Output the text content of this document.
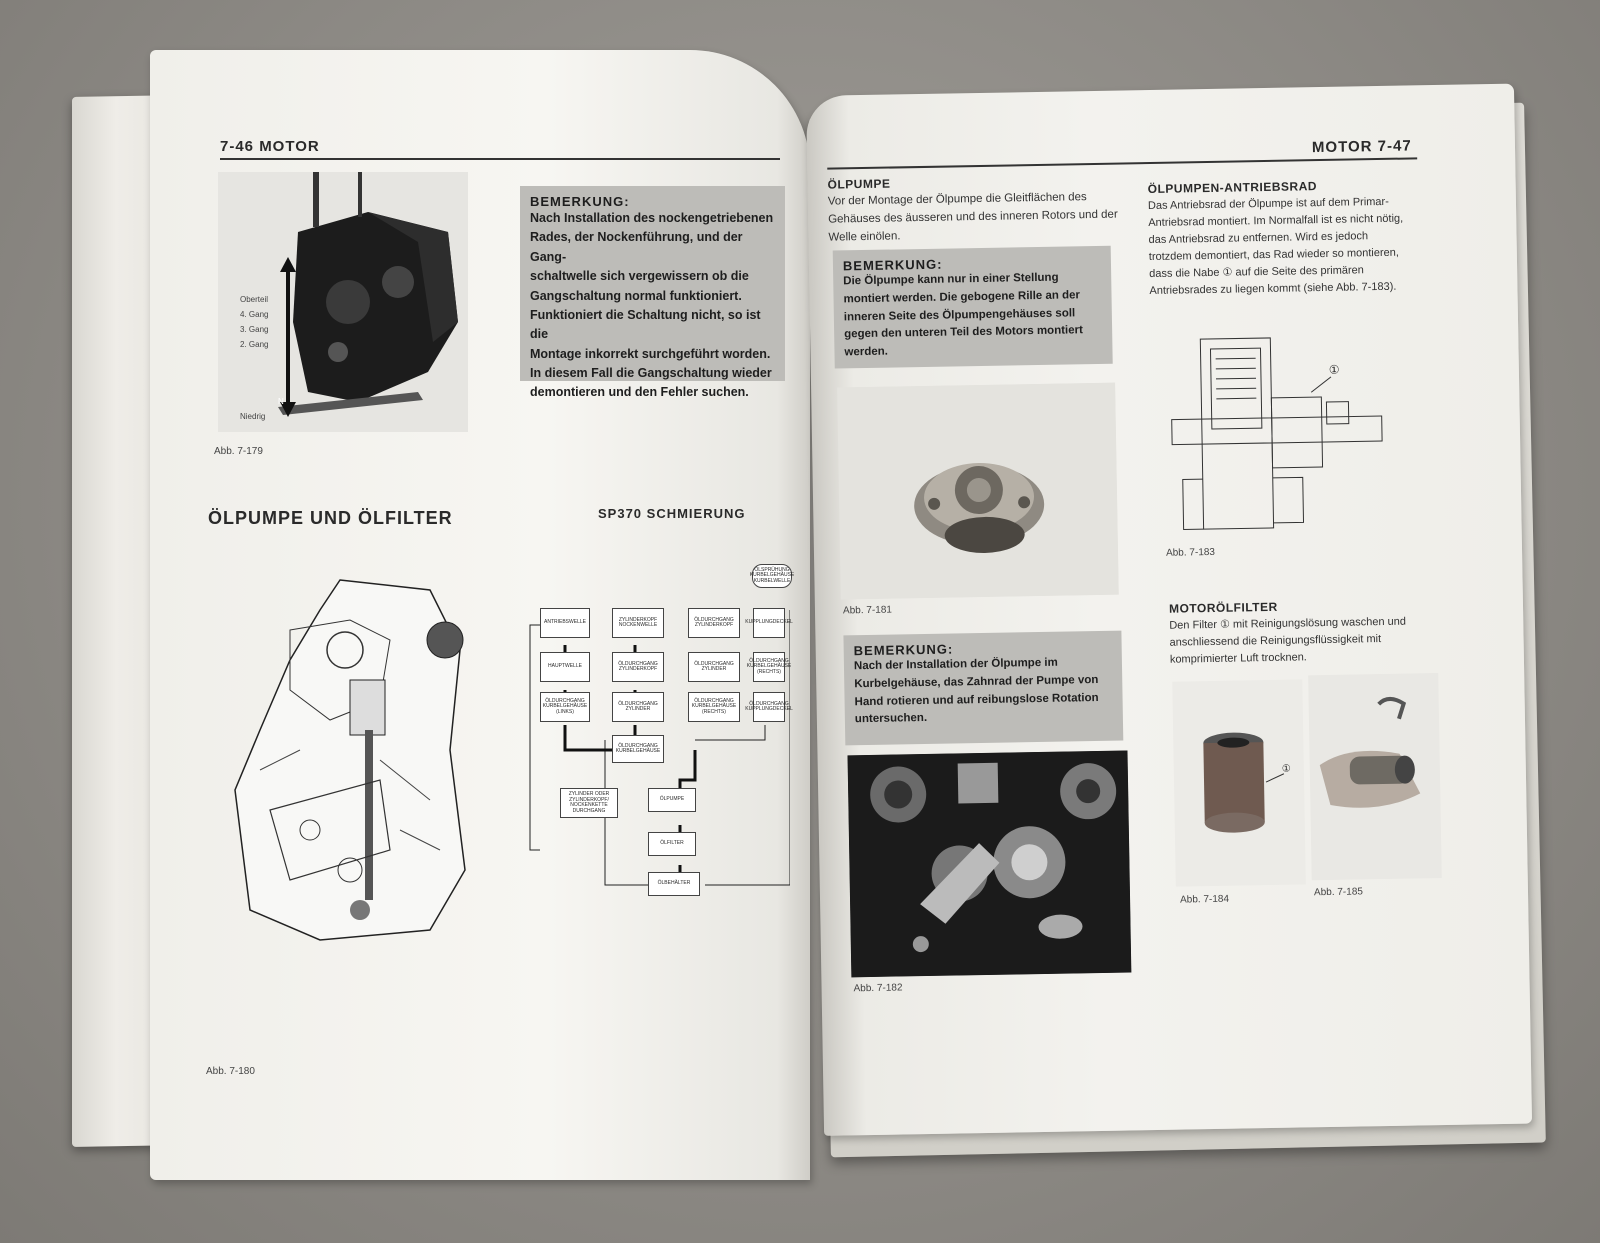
7-46 MOTOR
Oberteil
4. Gang
3. Gang
2. Gang
N
Niedrig
Abb. 7-179
BEMERKUNG:
Nach Installation des nockengetriebenen
Rades, der Nockenführung, und der Gang-
schaltwelle sich vergewissern ob die
Gangschaltung normal funktioniert.
Funktioniert die Schaltung nicht, so ist die
Montage inkorrekt surchgeführt worden.
In diesem Fall die Gangschaltung wieder
demontieren und den Fehler suchen.
ÖLPUMPE UND ÖLFILTER	SP370 SCHMIERUNG
ANTRIEBSWELLE
HAUPTWELLE
ÖLDURCHGANG KURBELGEHÄUSE (LINKS)
ZYLINDERKOPF NOCKENWELLE
ÖLDURCHGANG ZYLINDERKOPF
ÖLDURCHGANG ZYLINDER
ÖLDURCHGANG ZYLINDERKOPF
ÖLDURCHGANG ZYLINDER
ÖLDURCHGANG KURBELGEHÄUSE (RECHTS)
KUPPLUNGDECKEL
ÖLDURCHGANG KURBELGEHÄUSE (RECHTS)
ÖLDURCHGANG KUPPLUNGDECKEL
ÖLSPRÜHUNG KURBELGEHÄUSE KURBELWELLE
ÖLDURCHGANG KURBELGEHÄUSE
ZYLINDER ODER ZYLINDERKOPF/ NOCKENKETTE DURCHGANG
ÖLPUMPE
ÖLFILTER
ÖLBEHÄLTER
Abb. 7-180
MOTOR 7-47
ÖLPUMPE
Vor der Montage der Ölpumpe die Gleitflächen des Gehäuses des äusseren und des inneren Rotors und der Welle einölen.
BEMERKUNG:
Die Ölpumpe kann nur in einer Stellung montiert werden. Die gebogene Rille an der inneren Seite des Ölpumpengehäuses soll gegen den unteren Teil des Motors montiert werden.
Abb. 7-181
BEMERKUNG:
Nach der Installation der Ölpumpe im Kurbelgehäuse, das Zahnrad der Pumpe von Hand rotieren und auf reibungslose Rotation untersuchen.
Abb. 7-182
ÖLPUMPEN-ANTRIEBSRAD
Das Antriebsrad der Ölpumpe ist auf dem Primar-Antriebsrad montiert. Im Normalfall ist es nicht nötig, das Antriebsrad zu entfernen. Wird es jedoch trotzdem demontiert, das Rad wieder so montieren, dass die Nabe ① auf die Seite des primären Antriebsrades zu liegen kommt (siehe Abb. 7-183).
①
Abb. 7-183
MOTORÖLFILTER
Den Filter ① mit Reinigungslösung waschen und anschliessend die Reinigungsflüssigkeit mit komprimierter Luft trocknen.
①
Abb. 7-184
Abb. 7-185
